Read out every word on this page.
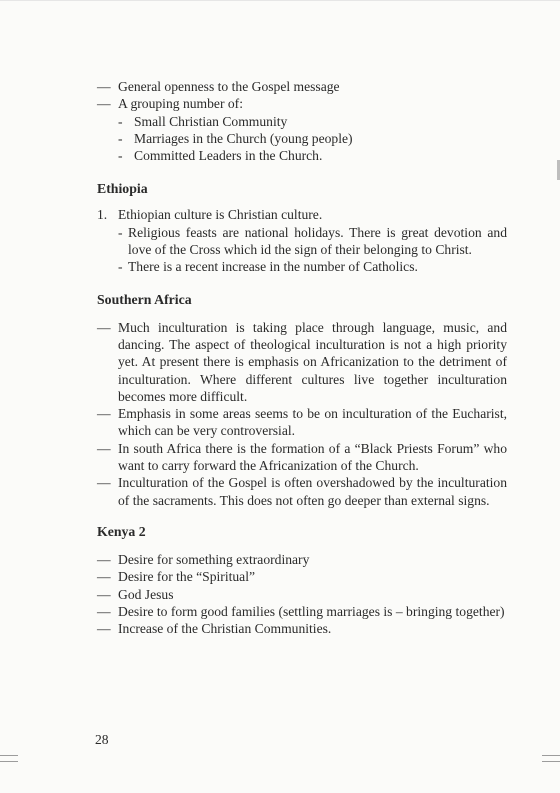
— General openness to the Gospel message
— A grouping number of:
- Small Christian Community
- Marriages in the Church (young people)
- Committed Leaders in the Church.
Ethiopia
1. Ethiopian culture is Christian culture.
- Religious feasts are national holidays. There is great devotion and love of the Cross which id the sign of their belonging to Christ.
- There is a recent increase in the number of Catholics.
Southern Africa
— Much inculturation is taking place through language, music, and dancing. The aspect of theological inculturation is not a high priority yet. At present there is emphasis on Africanization to the detriment of inculturation. Where different cultures live together inculturation becomes more difficult.
— Emphasis in some areas seems to be on inculturation of the Eucharist, which can be very controversial.
— In south Africa there is the formation of a “Black Priests Forum” who want to carry forward the Africanization of the Church.
— Inculturation of the Gospel is often overshadowed by the inculturation of the sacraments. This does not often go deeper than external signs.
Kenya 2
— Desire for something extraordinary
— Desire for the “Spiritual”
— God Jesus
— Desire to form good families (settling marriages is – bringing together)
— Increase of the Christian Communities.
28
